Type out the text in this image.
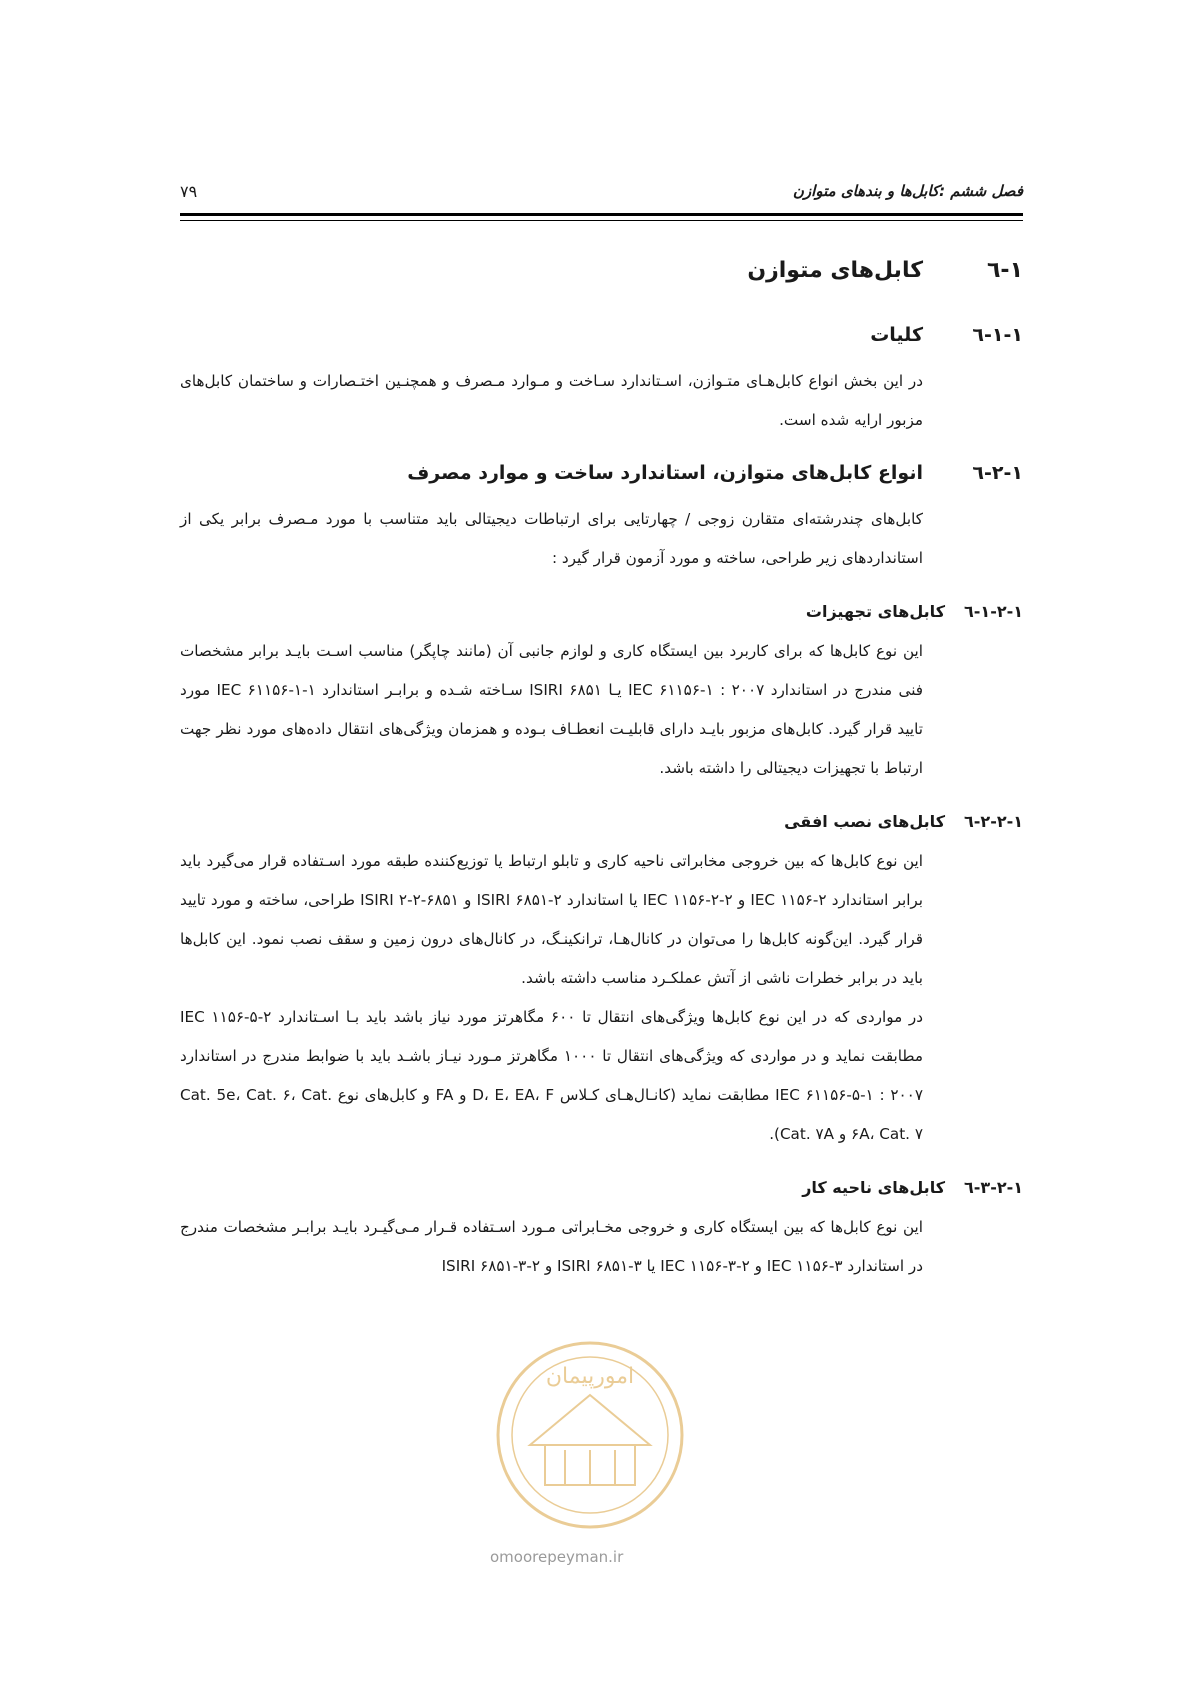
فصل ششم :کابل‌ها و بندهای متوازن
۷۹
۱-٦
کابل‌های متوازن
۱-۱-٦
کلیات

در این بخش انواع کابل‌هـای متـوازن، اسـتاندارد سـاخت و مـوارد مـصرف و همچنـین اختـصارات و ساختمان کابل‌های مزبور ارایه شده است.

۲-۱-٦
انواع کابل‌های متوازن، استاندارد ساخت و موارد مصرف

کابل‌های چندرشته‌ای متقارن زوجی / چهارتایی برای ارتباطات دیجیتالی باید متناسب با مورد مـصرف برابر یکی از استانداردهای زیر طراحی، ساخته و مورد آزمون قرار گیرد :

۱-۲-۱-٦
کابل‌های تجهیزات

این نوع کابل‌ها که برای کاربرد بین ایستگاه کاری و لوازم جانبی آن (مانند چاپگر) مناسب اسـت بایـد برابر مشخصات فنی مندرج در استاندارد ۲۰۰۷ : ۱-۶۱۱۵۶ IEC یـا ۶۸۵۱ ISIRI سـاخته شـده و برابـر استاندارد ۱-۱-۶۱۱۵۶ IEC مورد تایید قرار گیرد. کابل‌های مزبور بایـد دارای قابلیـت انعطـاف بـوده و همزمان ویژگی‌های انتقال داده‌های مورد نظر جهت ارتباط با تجهیزات دیجیتالی را داشته باشد.

۲-۲-۱-٦
کابل‌های نصب افقی

این نوع کابل‌ها که بین خروجی مخابراتی ناحیه کاری و تابلو ارتباط یا توزیع‌کننده طبقه مورد اسـتفاده قرار می‌گیرد باید برابر استاندارد ۲-۱۱۵۶ IEC و ۲-۲-۱۱۵۶ IEC یا استاندارد ۲-۶۸۵۱ ISIRI و ISIRI ۲-۲-۶۸۵۱ طراحی، ساخته و مورد تایید قرار گیرد. این‌گونه کابل‌ها را می‌توان در کانال‌هـا، ترانکینـگ، در کانال‌های درون زمین و سقف نصب نمود. این کابل‌ها باید در برابر خطرات ناشی از آتش عملکـرد مناسب داشته باشد.

در مواردی که در این نوع کابل‌ها ویژگی‌های انتقال تا ۶۰۰ مگاهرتز مورد نیاز باشد باید بـا اسـتاندارد ۲-۵-۱۱۵۶ IEC مطابقت نماید و در مواردی که ویژگی‌های انتقال تا ۱۰۰۰ مگاهرتز مـورد نیـاز باشـد باید با ضوابط مندرج در استاندارد ۲۰۰۷ : ۱-۵-۶۱۱۵۶ IEC مطابقت نماید (کانـال‌هـای کـلاس D، E، EA، F و FA و کابل‌های نوع Cat. 5e، Cat. ۶، Cat. ۶A، Cat. ۷ و Cat. ۷A).

۳-۲-۱-٦
کابل‌های ناحیه کار

این نوع کابل‌ها که بین ایستگاه کاری و خروجی مخـابراتی مـورد اسـتفاده قـرار مـی‌گیـرد بایـد برابـر مشخصات مندرج در استاندارد ۳-۱۱۵۶ IEC و ۲-۳-۱۱۵۶ IEC یا ۳-۶۸۵۱ ISIRI و ۲-۳-۶۸۵۱ ISIRI

امورپیمان
omoorepeyman.ir
